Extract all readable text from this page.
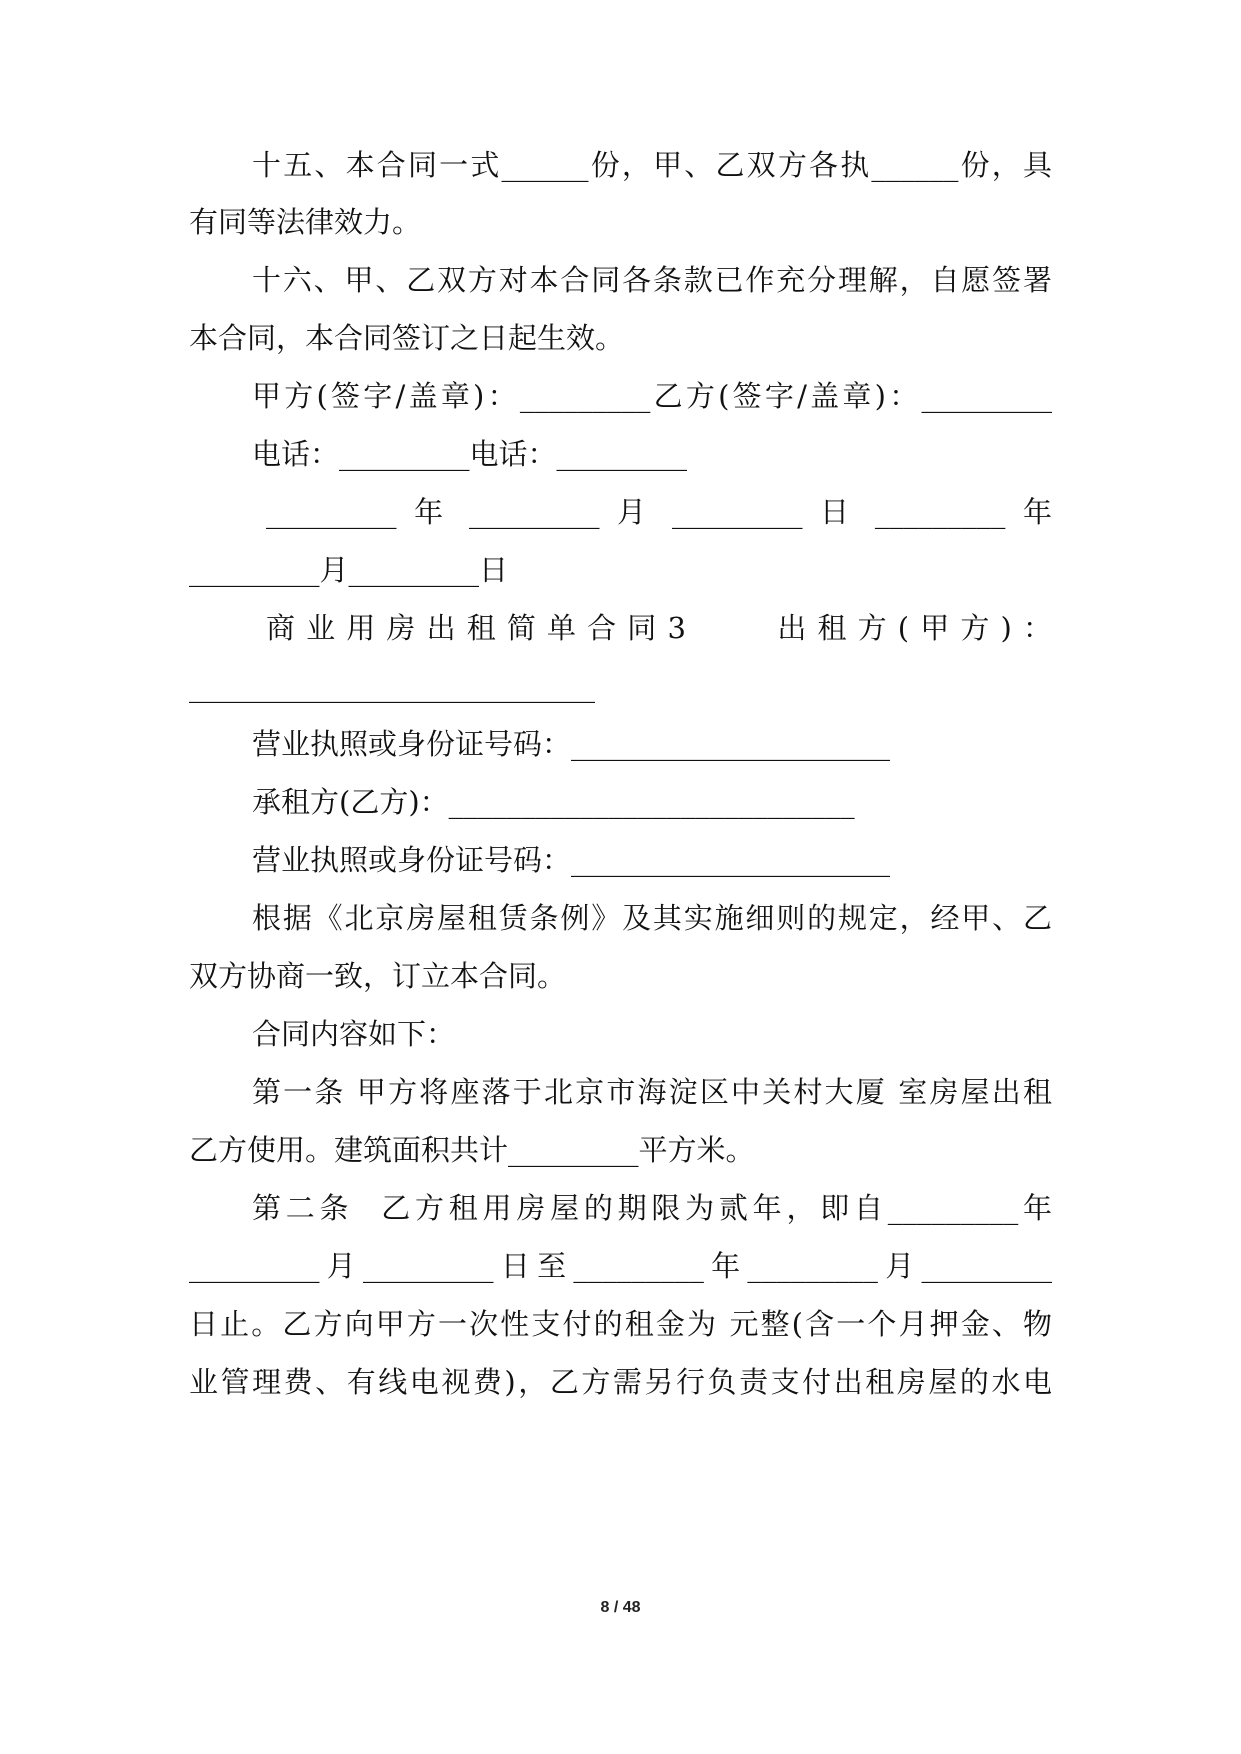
十五、本合同一式______份，甲、乙双方各执______份，具
有同等法律效力。
十六、甲、乙双方对本合同各条款已作充分理解，自愿签署
本合同，本合同签订之日起生效。
甲方(签字/盖章)：_________乙方(签字/盖章)：_________
电话：_________电话：_________
_________ 年 _________ 月 _________ 日 _________ 年
_________月_________日
商业用房出租简单合同3　　出租方(甲方)：
____________________________
营业执照或身份证号码：______________________
承租方(乙方)：____________________________
营业执照或身份证号码：______________________
根据《北京房屋租赁条例》及其实施细则的规定，经甲、乙
双方协商一致，订立本合同。
合同内容如下：
第一条 甲方将座落于北京市海淀区中关村大厦 室房屋出租
乙方使用。建筑面积共计_________平方米。
第二条  乙方租用房屋的期限为贰年，即自_________年
_________月_________日至_________年_________月_________
日止。乙方向甲方一次性支付的租金为 元整(含一个月押金、物
业管理费、有线电视费)，乙方需另行负责支付出租房屋的水电
8 / 48
